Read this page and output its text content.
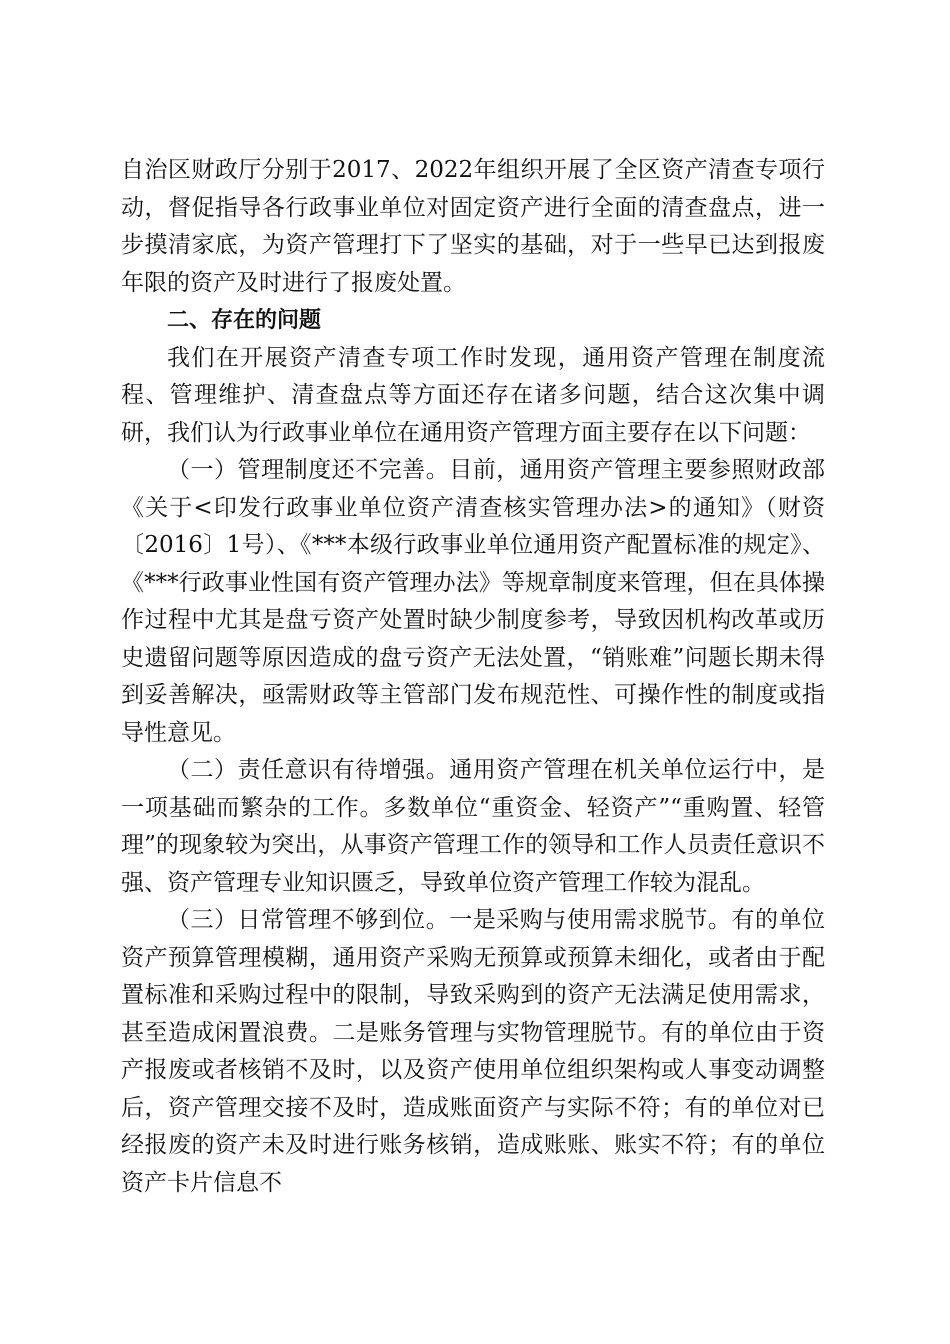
自治区财政厅分别于2017、2022年组织开展了全区资产清查专项行动，督促指导各行政事业单位对固定资产进行全面的清查盘点，进一步摸清家底，为资产管理打下了坚实的基础，对于一些早已达到报废年限的资产及时进行了报废处置。

二、存在的问题

我们在开展资产清查专项工作时发现，通用资产管理在制度流程、管理维护、清查盘点等方面还存在诸多问题，结合这次集中调研，我们认为行政事业单位在通用资产管理方面主要存在以下问题：

（一）管理制度还不完善。目前，通用资产管理主要参照财政部《关于<印发行政事业单位资产清查核实管理办法>的通知》（财资〔2016〕1号）、《***本级行政事业单位通用资产配置标准的规定》、《***行政事业性国有资产管理办法》等规章制度来管理，但在具体操作过程中尤其是盘亏资产处置时缺少制度参考，导致因机构改革或历史遗留问题等原因造成的盘亏资产无法处置，“销账难”问题长期未得到妥善解决，亟需财政等主管部门发布规范性、可操作性的制度或指导性意见。

（二）责任意识有待增强。通用资产管理在机关单位运行中，是一项基础而繁杂的工作。多数单位“重资金、轻资产”“重购置、轻管理”的现象较为突出，从事资产管理工作的领导和工作人员责任意识不强、资产管理专业知识匮乏，导致单位资产管理工作较为混乱。

（三）日常管理不够到位。一是采购与使用需求脱节。有的单位资产预算管理模糊，通用资产采购无预算或预算未细化，或者由于配置标准和采购过程中的限制，导致采购到的资产无法满足使用需求，甚至造成闲置浪费。二是账务管理与实物管理脱节。有的单位由于资产报废或者核销不及时，以及资产使用单位组织架构或人事变动调整后，资产管理交接不及时，造成账面资产与实际不符；有的单位对已经报废的资产未及时进行账务核销，造成账账、账实不符；有的单位资产卡片信息不
